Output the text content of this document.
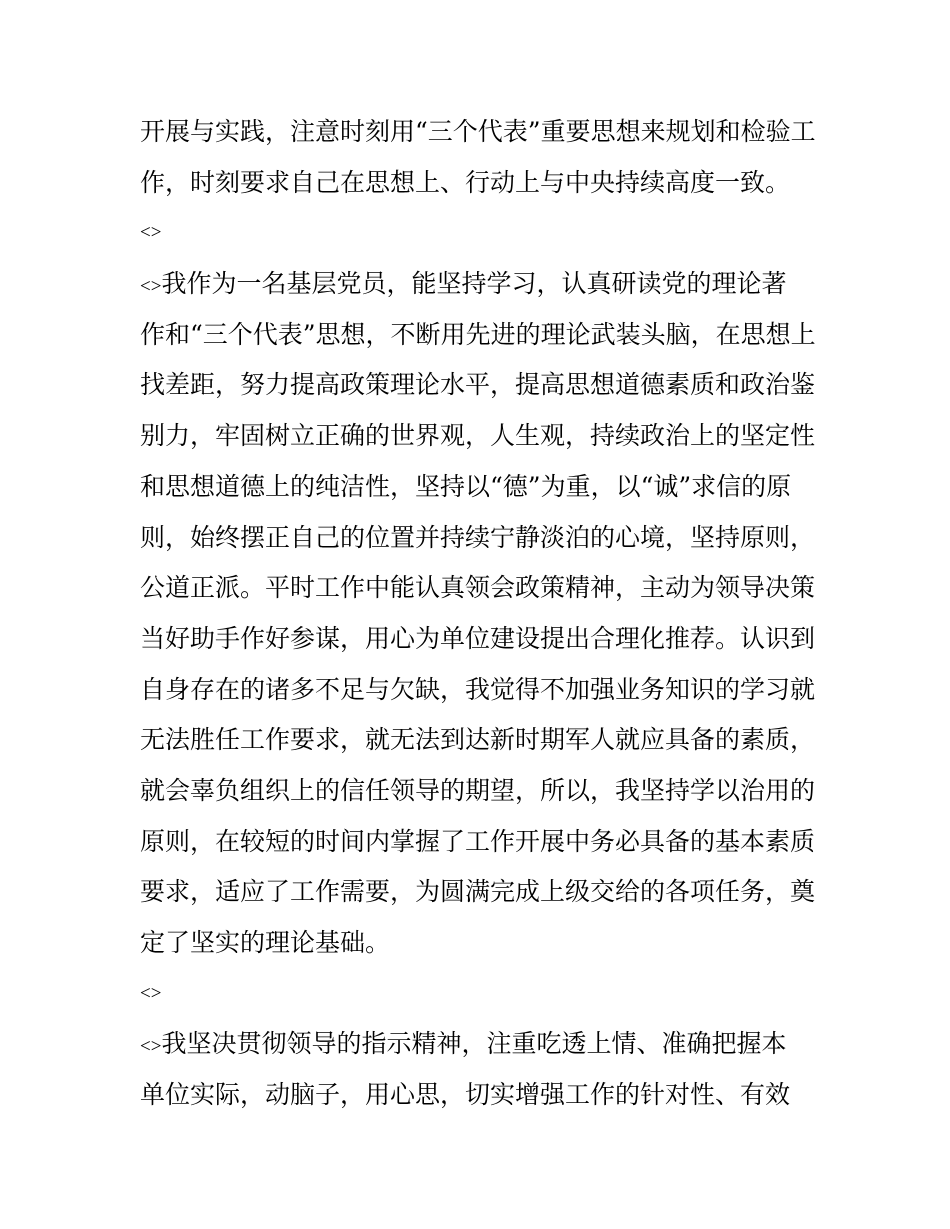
开展与实践，注意时刻用“三个代表”重要思想来规划和检验工
作，时刻要求自己在思想上、行动上与中央持续高度一致。
<>
<>我作为一名基层党员，能坚持学习，认真研读党的理论著
作和“三个代表”思想，不断用先进的理论武装头脑，在思想上
找差距，努力提高政策理论水平，提高思想道德素质和政治鉴
别力，牢固树立正确的世界观，人生观，持续政治上的坚定性
和思想道德上的纯洁性，坚持以“德”为重，以“诚”求信的原
则，始终摆正自己的位置并持续宁静淡泊的心境，坚持原则，
公道正派。平时工作中能认真领会政策精神，主动为领导决策
当好助手作好参谋，用心为单位建设提出合理化推荐。认识到
自身存在的诸多不足与欠缺，我觉得不加强业务知识的学习就
无法胜任工作要求，就无法到达新时期军人就应具备的素质，
就会辜负组织上的信任领导的期望，所以，我坚持学以治用的
原则，在较短的时间内掌握了工作开展中务必具备的基本素质
要求，适应了工作需要，为圆满完成上级交给的各项任务，奠
定了坚实的理论基础。
<>
<>我坚决贯彻领导的指示精神，注重吃透上情、准确把握本
单位实际，动脑子，用心思，切实增强工作的针对性、有效
